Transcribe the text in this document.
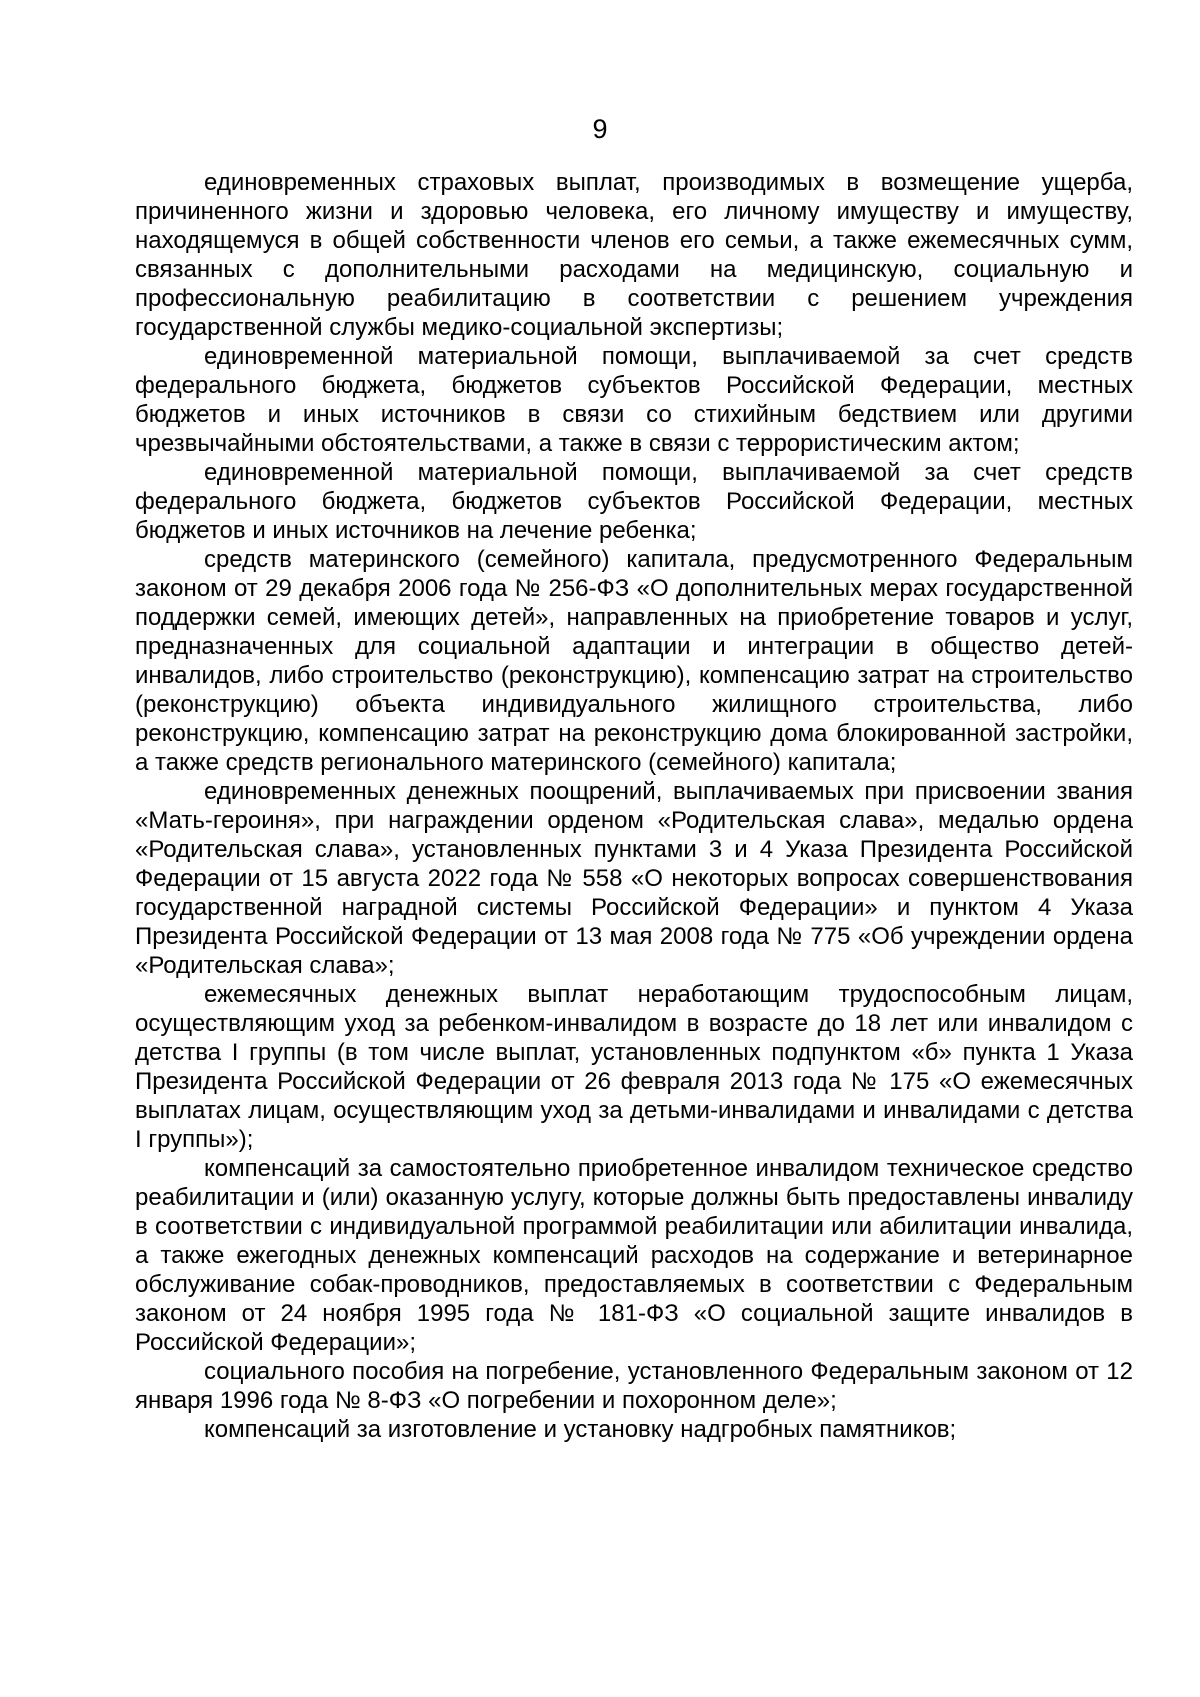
9

единовременных страховых выплат, производимых в возмещение ущерба, причиненного жизни и здоровью человека, его личному имуществу и имуществу, находящемуся в общей собственности членов его семьи, а также ежемесячных сумм, связанных с дополнительными расходами на медицинскую, социальную и профессиональную реабилитацию в соответствии с решением учреждения государственной службы медико-социальной экспертизы;

единовременной материальной помощи, выплачиваемой за счет средств федерального бюджета, бюджетов субъектов Российской Федерации, местных бюджетов и иных источников в связи со стихийным бедствием или другими чрезвычайными обстоятельствами, а также в связи с террористическим актом;

единовременной материальной помощи, выплачиваемой за счет средств федерального бюджета, бюджетов субъектов Российской Федерации, местных бюджетов и иных источников на лечение ребенка;

средств материнского (семейного) капитала, предусмотренного Федеральным законом от 29 декабря 2006 года № 256-ФЗ «О дополнительных мерах государственной поддержки семей, имеющих детей», направленных на приобретение товаров и услуг, предназначенных для социальной адаптации и интеграции в общество детей-инвалидов, либо строительство (реконструкцию), компенсацию затрат на строительство (реконструкцию) объекта индивидуального жилищного строительства, либо реконструкцию, компенсацию затрат на реконструкцию дома блокированной застройки, а также средств регионального материнского (семейного) капитала;

единовременных денежных поощрений, выплачиваемых при присвоении звания «Мать-героиня», при награждении орденом «Родительская слава», медалью ордена «Родительская слава», установленных пунктами 3 и 4 Указа Президента Российской Федерации от 15 августа 2022 года № 558 «О некоторых вопросах совершенствования государственной наградной системы Российской Федерации» и пунктом 4 Указа Президента Российской Федерации от 13 мая 2008 года № 775 «Об учреждении ордена «Родительская слава»;

ежемесячных денежных выплат неработающим трудоспособным лицам, осуществляющим уход за ребенком-инвалидом в возрасте до 18 лет или инвалидом с детства I группы (в том числе выплат, установленных подпунктом «б» пункта 1 Указа Президента Российской Федерации от 26 февраля 2013 года № 175 «О ежемесячных выплатах лицам, осуществляющим уход за детьми-инвалидами и инвалидами с детства I группы»);

компенсаций за самостоятельно приобретенное инвалидом техническое средство реабилитации и (или) оказанную услугу, которые должны быть предоставлены инвалиду в соответствии с индивидуальной программой реабилитации или абилитации инвалида, а также ежегодных денежных компенсаций расходов на содержание и ветеринарное обслуживание собак-проводников, предоставляемых в соответствии с Федеральным законом от 24 ноября 1995 года № 181-ФЗ «О социальной защите инвалидов в Российской Федерации»;

социального пособия на погребение, установленного Федеральным законом от 12 января 1996 года № 8-ФЗ «О погребении и похоронном деле»;

компенсаций за изготовление и установку надгробных памятников;
